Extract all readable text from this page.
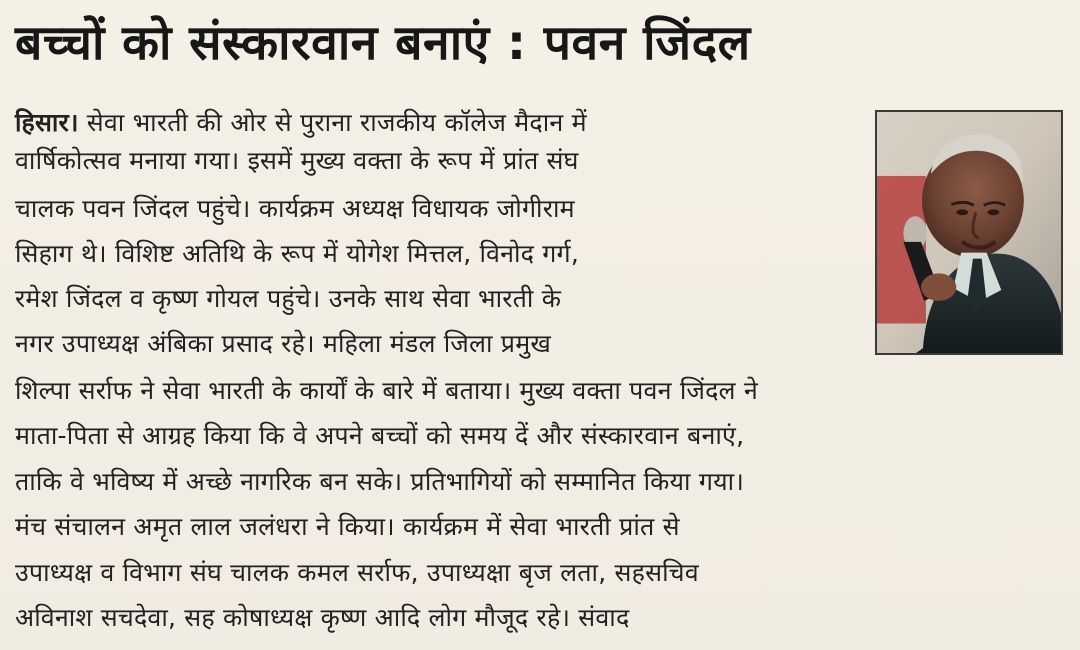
बच्चों को संस्कारवान बनाएं : पवन जिंदल
हिसार। सेवा भारती की ओर से पुराना राजकीय कॉलेज मैदान में
वार्षिकोत्सव मनाया गया। इसमें मुख्य वक्ता के रूप में प्रांत संघ
चालक पवन जिंदल पहुंचे। कार्यक्रम अध्यक्ष विधायक जोगीराम
सिहाग थे। विशिष्ट अतिथि के रूप में योगेश मित्तल, विनोद गर्ग,
रमेश जिंदल व कृष्ण गोयल पहुंचे। उनके साथ सेवा भारती के
नगर उपाध्यक्ष अंबिका प्रसाद रहे। महिला मंडल जिला प्रमुख
शिल्पा सर्राफ ने सेवा भारती के कार्यों के बारे में बताया। मुख्य वक्ता पवन जिंदल ने
माता-पिता से आग्रह किया कि वे अपने बच्चों को समय दें और संस्कारवान बनाएं,
ताकि वे भविष्य में अच्छे नागरिक बन सके। प्रतिभागियों को सम्मानित किया गया।
मंच संचालन अमृत लाल जलंधरा ने किया। कार्यक्रम में सेवा भारती प्रांत से
उपाध्यक्ष व विभाग संघ चालक कमल सर्राफ, उपाध्यक्षा बृज लता, सहसचिव
अविनाश सचदेवा, सह कोषाध्यक्ष कृष्ण आदि लोग मौजूद रहे। संवाद
